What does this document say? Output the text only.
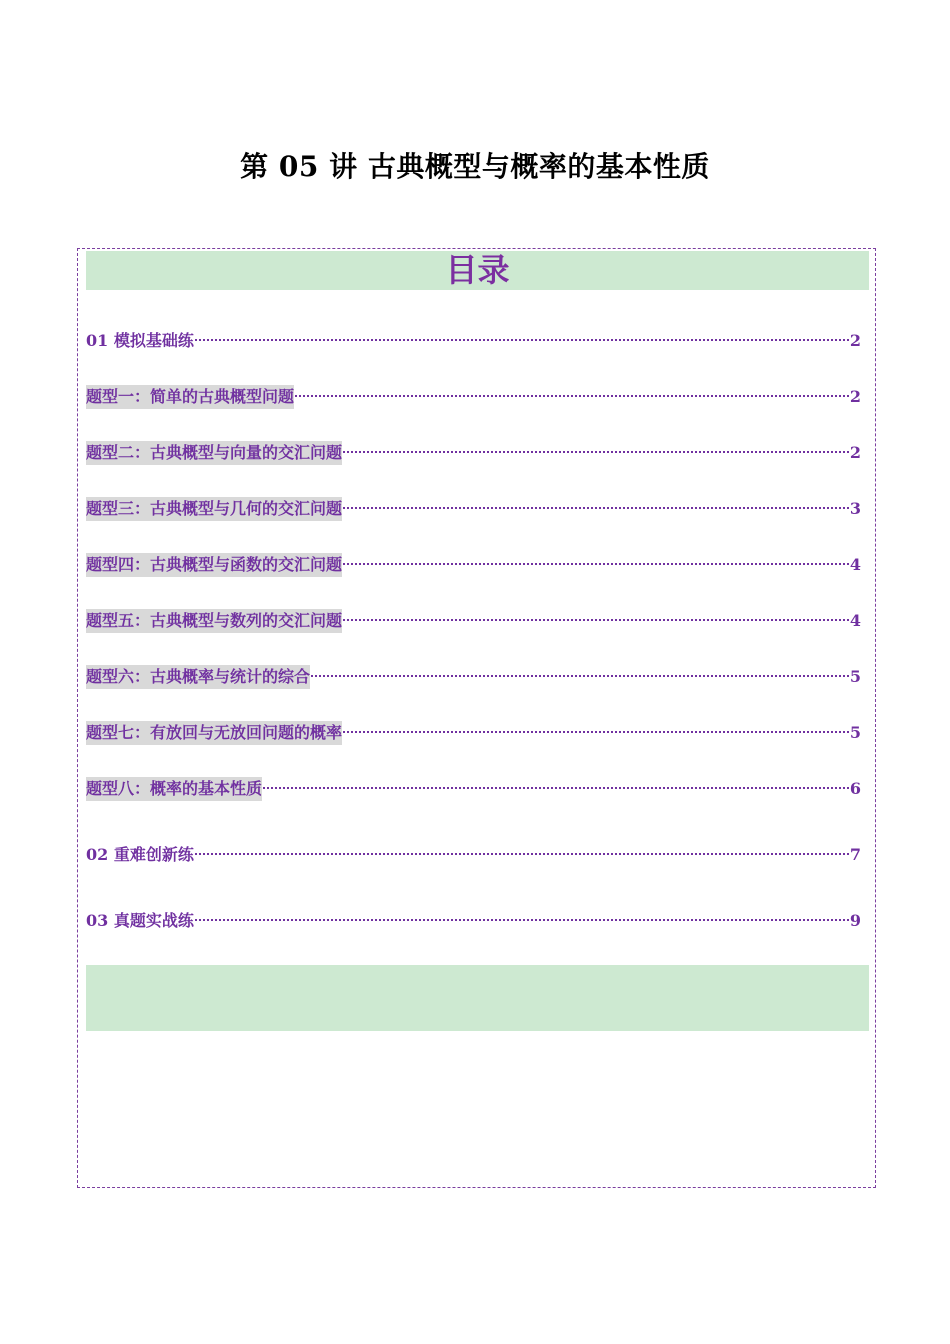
第 05 讲 古典概型与概率的基本性质
目录
01 模拟基础练	2
题型一：简单的古典概型问题	2
题型二：古典概型与向量的交汇问题	2
题型三：古典概型与几何的交汇问题	3
题型四：古典概型与函数的交汇问题	4
题型五：古典概型与数列的交汇问题	4
题型六：古典概率与统计的综合	5
题型七：有放回与无放回问题的概率	5
题型八：概率的基本性质	6
02 重难创新练	7
03 真题实战练	9
